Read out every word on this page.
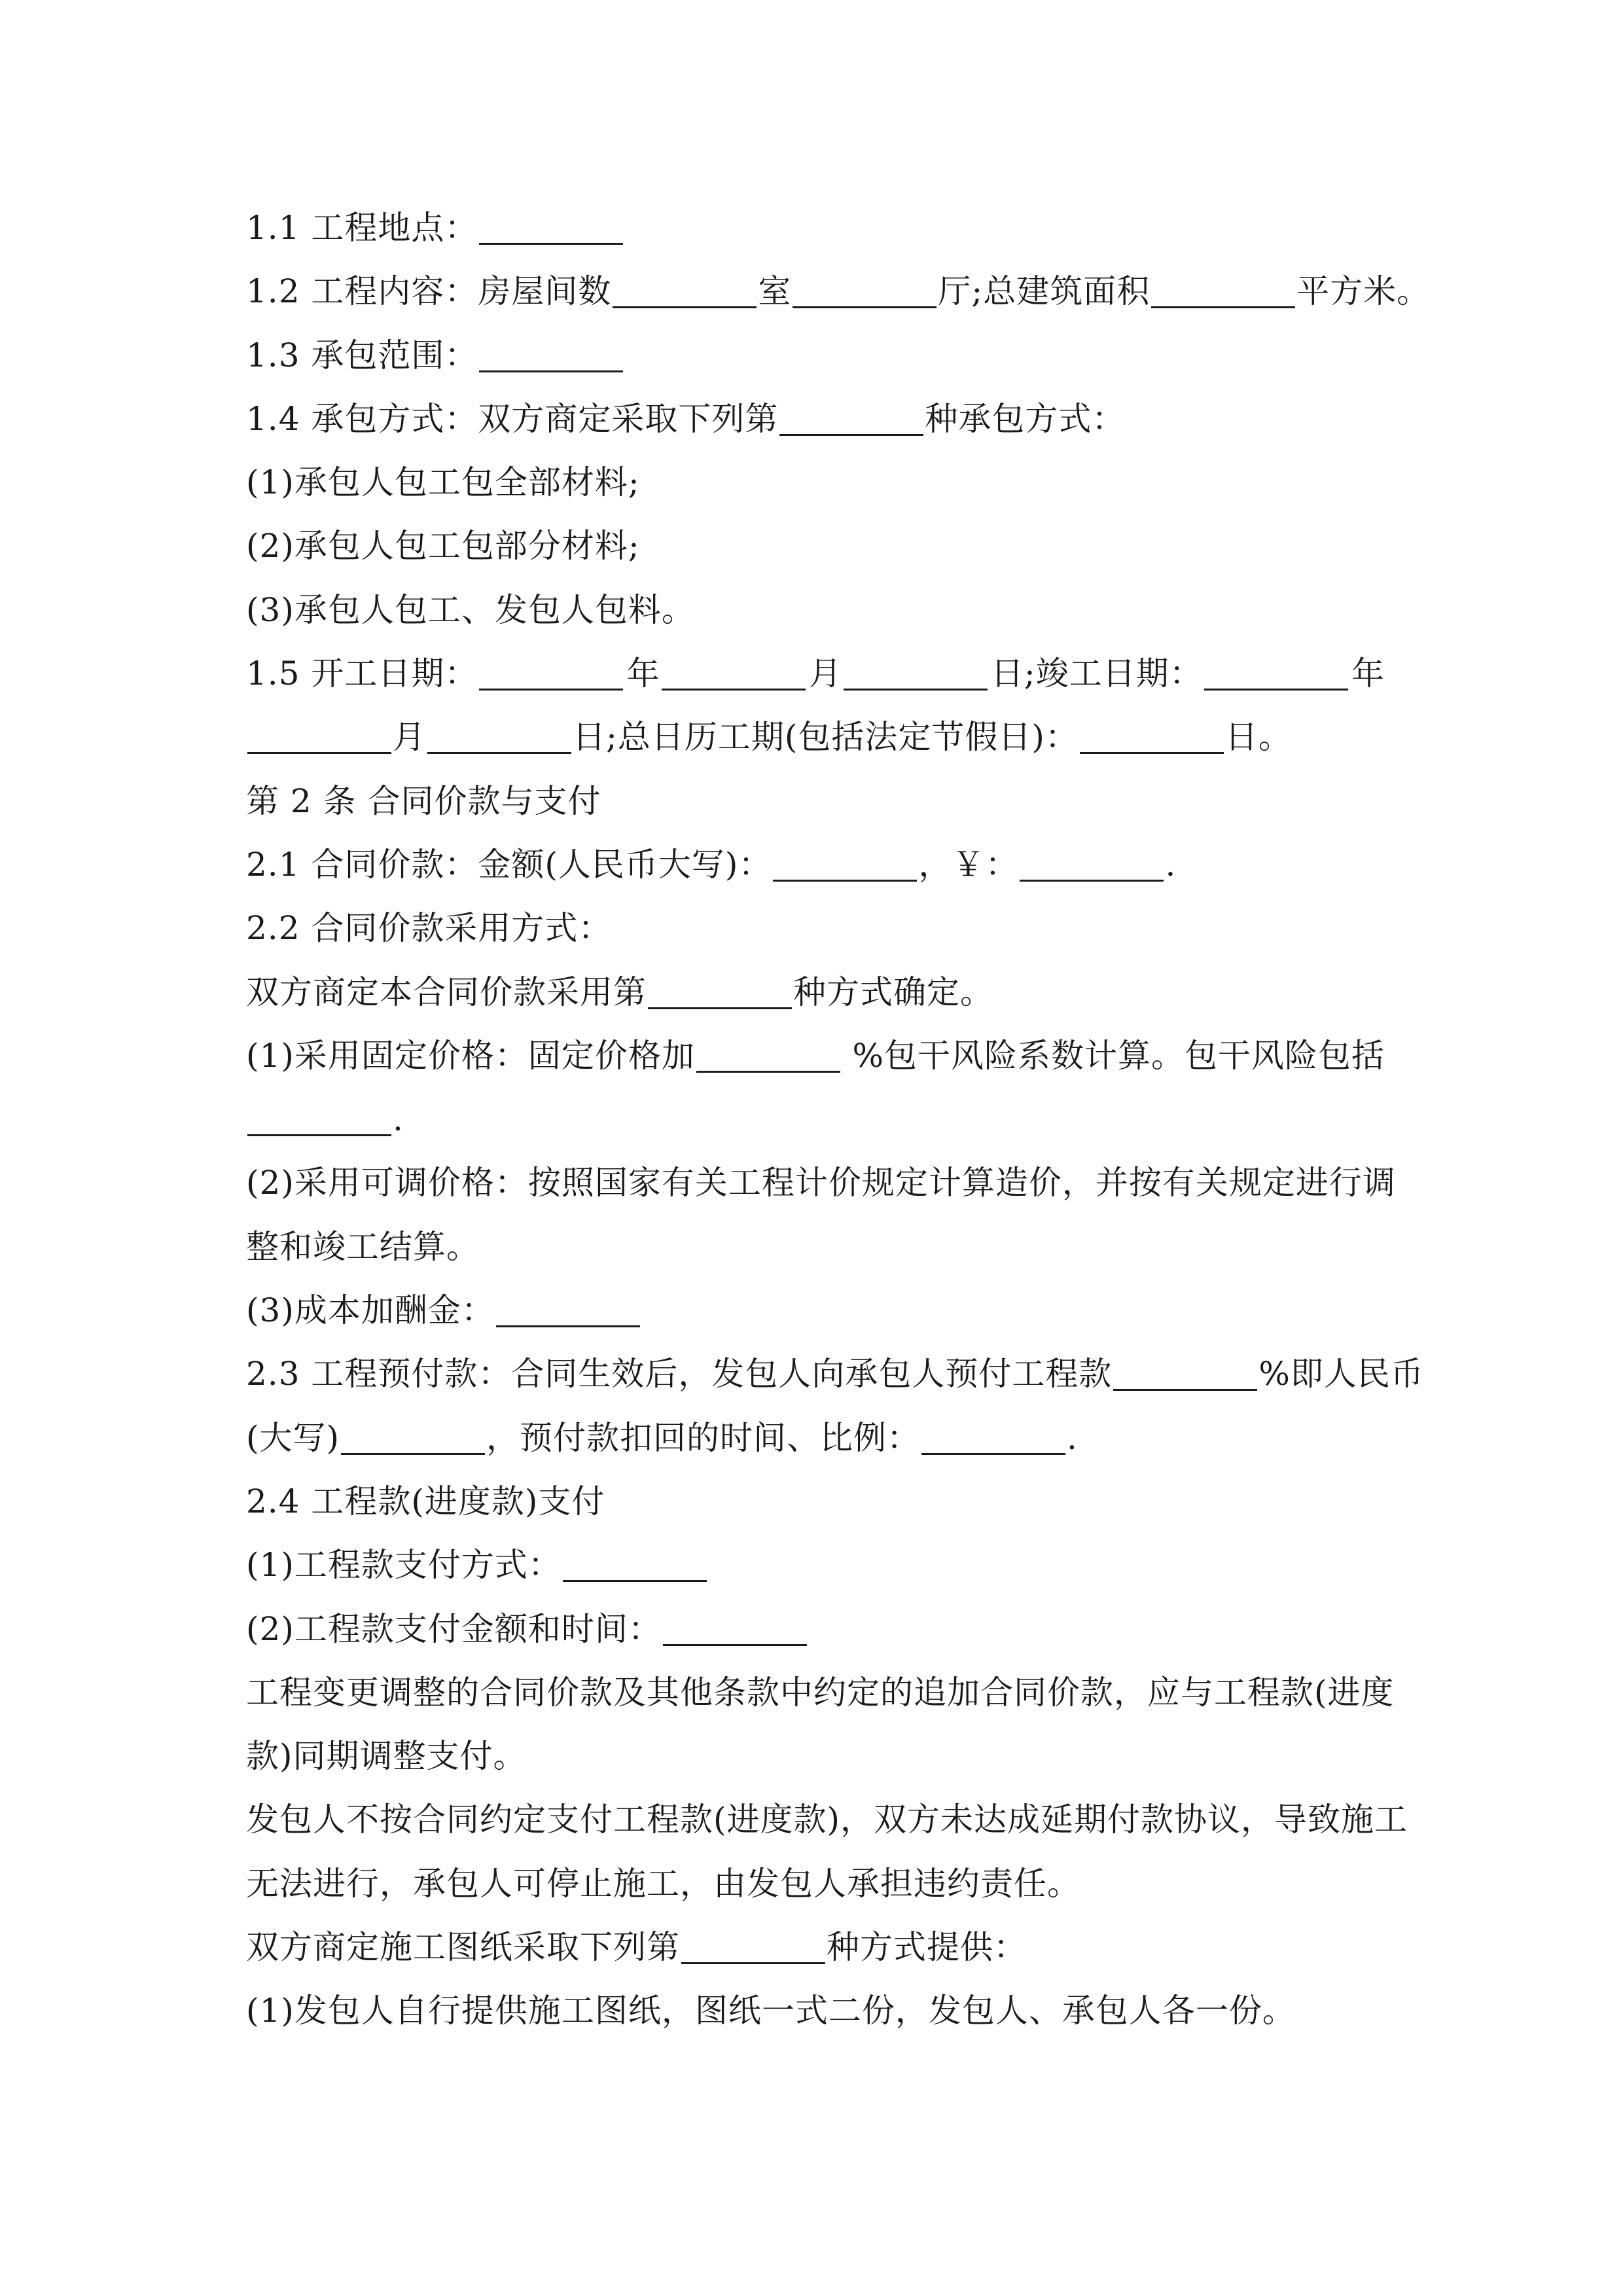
1.1 工程地点：
1.2 工程内容：房屋间数	室	厅;总建筑面积	平方米。
1.3 承包范围：
1.4 承包方式：双方商定采取下列第	种承包方式：
(1)承包人包工包全部材料;
(2)承包人包工包部分材料;
(3)承包人包工、发包人包料。
1.5 开工日期：	年	月	日;竣工日期：	年
月	日;总日历工期(包括法定节假日)：	日。
第 2 条 合同价款与支付
2.1 合同价款：金额(人民币大写)：	，￥：	.
2.2 合同价款采用方式：
双方商定本合同价款采用第	种方式确定。
(1)采用固定价格：固定价格加	%包干风险系数计算。包干风险包括
.
(2)采用可调价格：按照国家有关工程计价规定计算造价，并按有关规定进行调
整和竣工结算。
(3)成本加酬金：
2.3 工程预付款：合同生效后，发包人向承包人预付工程款	%即人民币
(大写)	，预付款扣回的时间、比例：	.
2.4 工程款(进度款)支付
(1)工程款支付方式：
(2)工程款支付金额和时间：
工程变更调整的合同价款及其他条款中约定的追加合同价款，应与工程款(进度
款)同期调整支付。
发包人不按合同约定支付工程款(进度款)，双方未达成延期付款协议，导致施工
无法进行，承包人可停止施工，由发包人承担违约责任。
双方商定施工图纸采取下列第	种方式提供：
(1)发包人自行提供施工图纸，图纸一式二份，发包人、承包人各一份。
